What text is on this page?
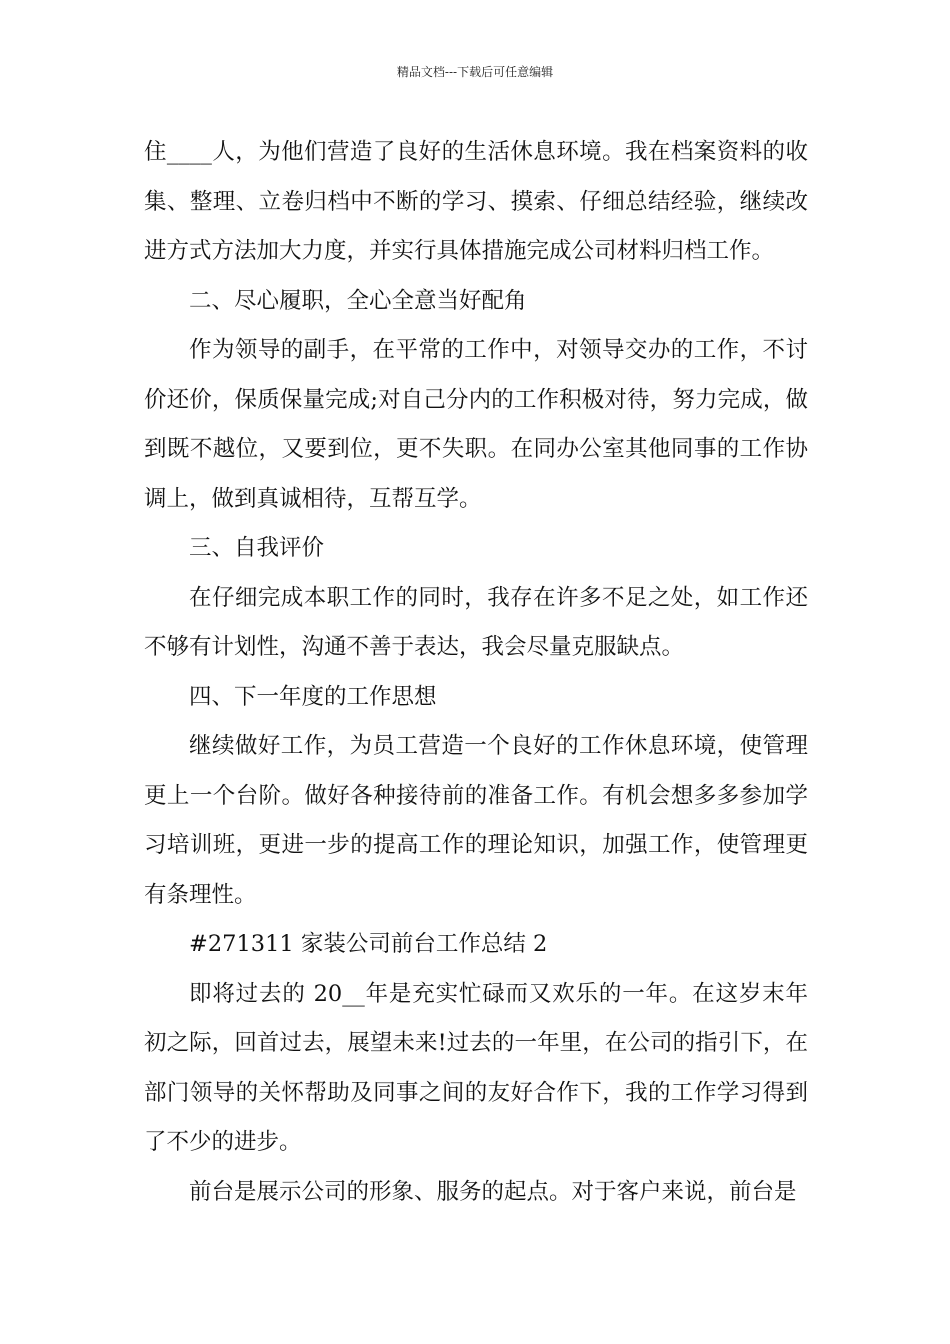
精品文档---下载后可任意编辑

住____人，为他们营造了良好的生活休息环境。我在档案资料的收集、整理、立卷归档中不断的学习、摸索、仔细总结经验，继续改进方式方法加大力度，并实行具体措施完成公司材料归档工作。

二、尽心履职，全心全意当好配角

作为领导的副手，在平常的工作中，对领导交办的工作，不讨价还价，保质保量完成;对自己分内的工作积极对待，努力完成，做到既不越位，又要到位，更不失职。在同办公室其他同事的工作协调上，做到真诚相待，互帮互学。

三、自我评价

在仔细完成本职工作的同时，我存在许多不足之处，如工作还不够有计划性，沟通不善于表达，我会尽量克服缺点。

四、下一年度的工作思想

继续做好工作，为员工营造一个良好的工作休息环境，使管理更上一个台阶。做好各种接待前的准备工作。有机会想多多参加学习培训班，更进一步的提高工作的理论知识，加强工作，使管理更有条理性。

#271311 家装公司前台工作总结 2

即将过去的 20__年是充实忙碌而又欢乐的一年。在这岁末年初之际，回首过去，展望未来!过去的一年里，在公司的指引下，在部门领导的关怀帮助及同事之间的友好合作下，我的工作学习得到了不少的进步。

前台是展示公司的形象、服务的起点。对于客户来说，前台是
